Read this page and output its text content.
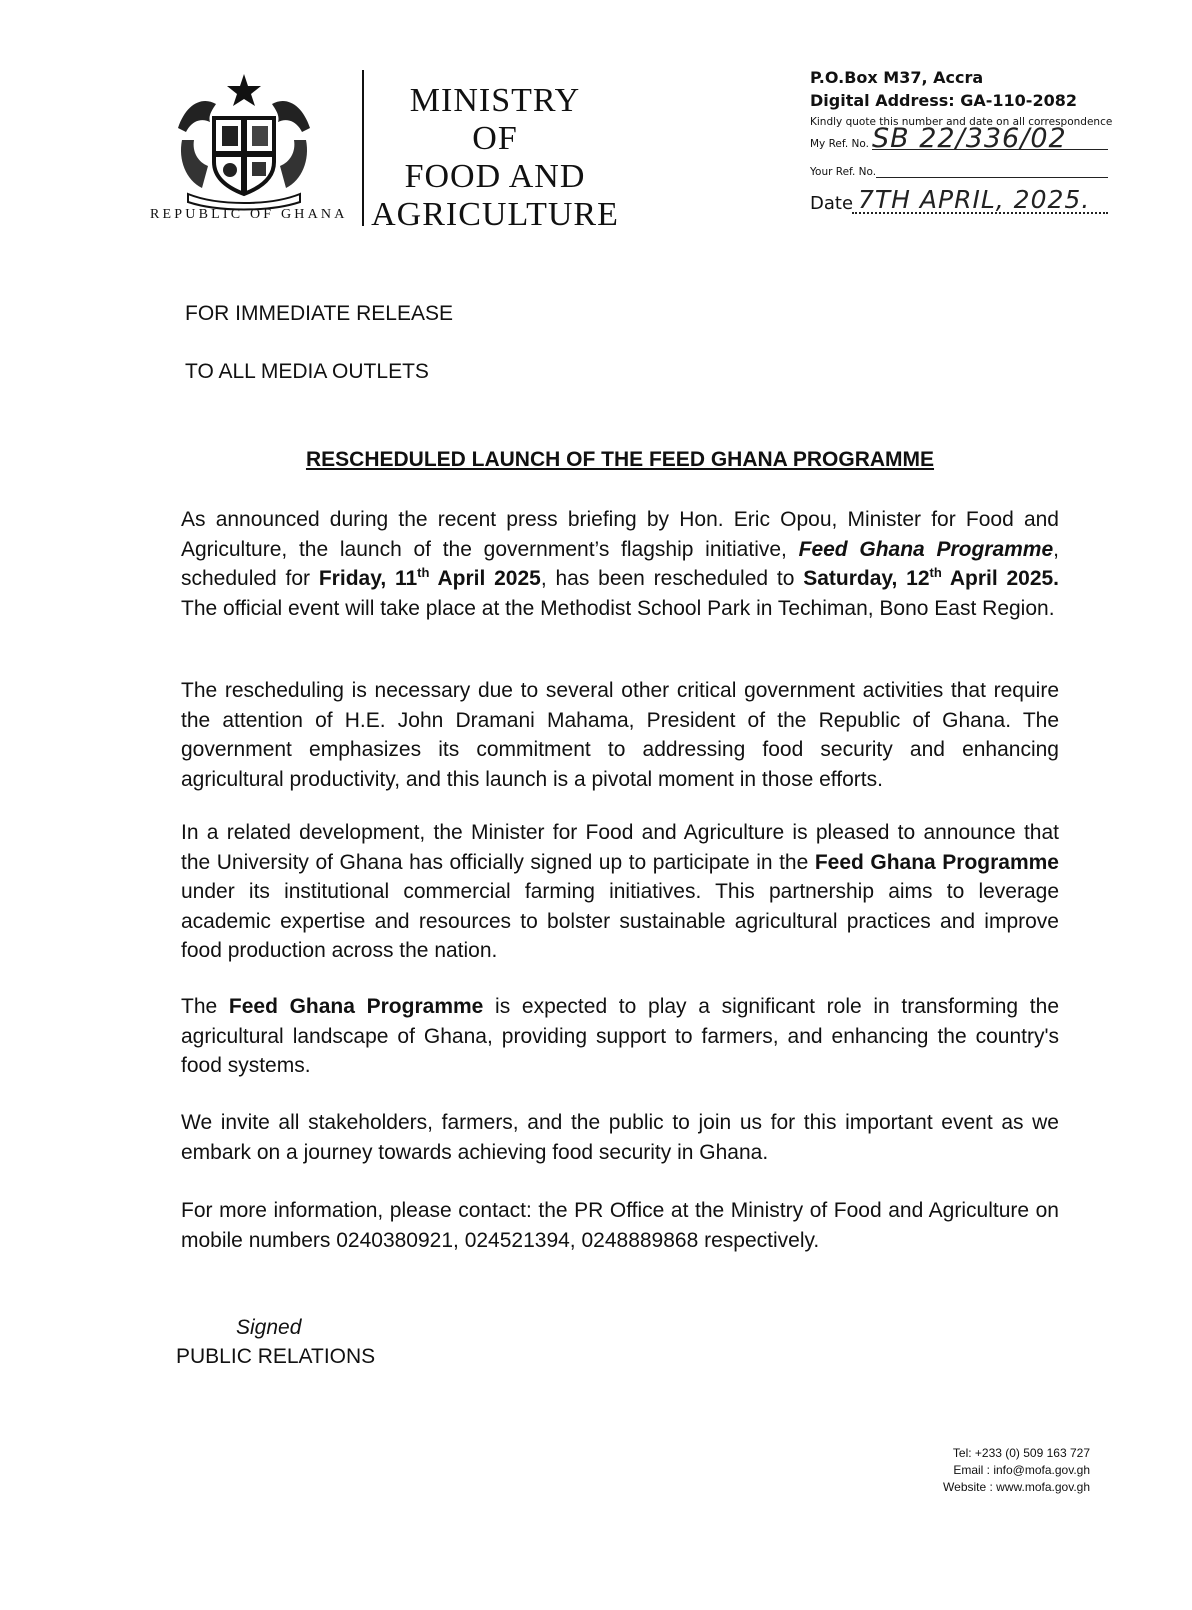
REPUBLIC OF GHANA
MINISTRY
OF
FOOD AND
AGRICULTURE
P.O.Box M37, Accra
Digital Address: GA-110-2082
Kindly quote this number and date on all correspondence
My Ref. No. SB 22/336/02
Your Ref. No.
Date 7TH APRIL, 2025.
FOR IMMEDIATE RELEASE
TO ALL MEDIA OUTLETS
RESCHEDULED LAUNCH OF THE FEED GHANA PROGRAMME
As announced during the recent press briefing by Hon. Eric Opou, Minister for Food and Agriculture, the launch of the government’s flagship initiative, Feed Ghana Programme, scheduled for Friday, 11th April 2025, has been rescheduled to Saturday, 12th April 2025. The official event will take place at the Methodist School Park in Techiman, Bono East Region.
The rescheduling is necessary due to several other critical government activities that require the attention of H.E. John Dramani Mahama, President of the Republic of Ghana. The government emphasizes its commitment to addressing food security and enhancing agricultural productivity, and this launch is a pivotal moment in those efforts.
In a related development, the Minister for Food and Agriculture is pleased to announce that the University of Ghana has officially signed up to participate in the Feed Ghana Programme under its institutional commercial farming initiatives. This partnership aims to leverage academic expertise and resources to bolster sustainable agricultural practices and improve food production across the nation.
The Feed Ghana Programme is expected to play a significant role in transforming the agricultural landscape of Ghana, providing support to farmers, and enhancing the country's food systems.
We invite all stakeholders, farmers, and the public to join us for this important event as we embark on a journey towards achieving food security in Ghana.
For more information, please contact: the PR Office at the Ministry of Food and Agriculture on mobile numbers 0240380921, 024521394, 0248889868 respectively.
Signed
PUBLIC RELATIONS
Tel: +233 (0) 509 163 727
Email : info@mofa.gov.gh
Website : www.mofa.gov.gh
